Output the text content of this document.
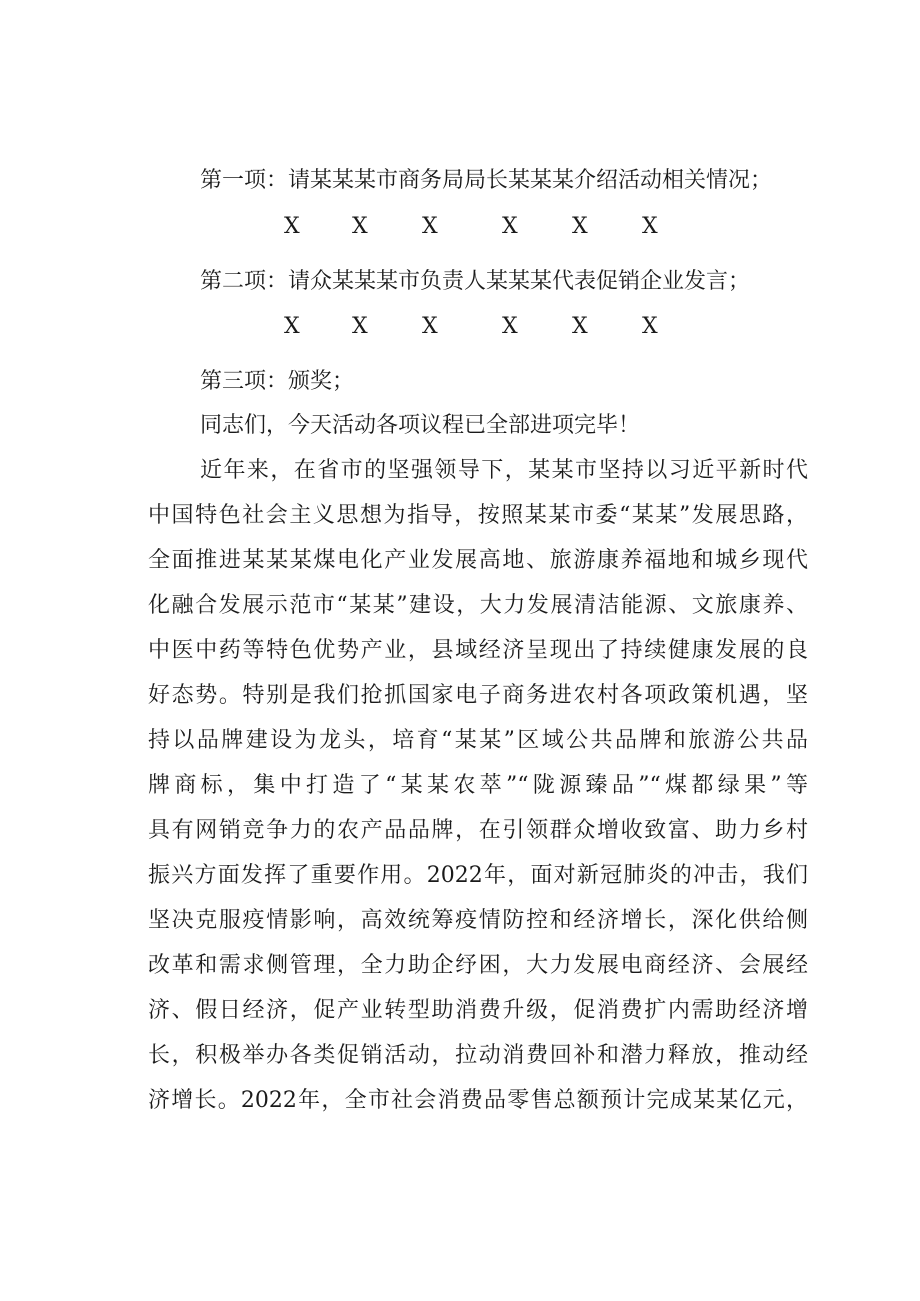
第一项：请某某某市商务局局长某某某介绍活动相关情况；
X X X	X X X
第二项：请众某某某市负责人某某某代表促销企业发言；
X X X	X X X
第三项：颁奖；
同志们，今天活动各项议程已全部进项完毕！
近年来，在省市的坚强领导下，某某市坚持以习近平新时代
中国特色社会主义思想为指导，按照某某市委“某某”发展思路，
全面推进某某某煤电化产业发展高地、旅游康养福地和城乡现代
化融合发展示范市“某某”建设，大力发展清洁能源、文旅康养、
中医中药等特色优势产业，县域经济呈现出了持续健康发展的良
好态势。特别是我们抢抓国家电子商务进农村各项政策机遇，坚
持以品牌建设为龙头，培育“某某”区域公共品牌和旅游公共品
牌商标，集中打造了“某某农萃”“陇源臻品”“煤都绿果”等
具有网销竞争力的农产品品牌，在引领群众增收致富、助力乡村
振兴方面发挥了重要作用。2022年，面对新冠肺炎的冲击，我们
坚决克服疫情影响，高效统筹疫情防控和经济增长，深化供给侧
改革和需求侧管理，全力助企纾困，大力发展电商经济、会展经
济、假日经济，促产业转型助消费升级，促消费扩内需助经济增
长，积极举办各类促销活动，拉动消费回补和潜力释放，推动经
济增长。2022年，全市社会消费品零售总额预计完成某某亿元，
